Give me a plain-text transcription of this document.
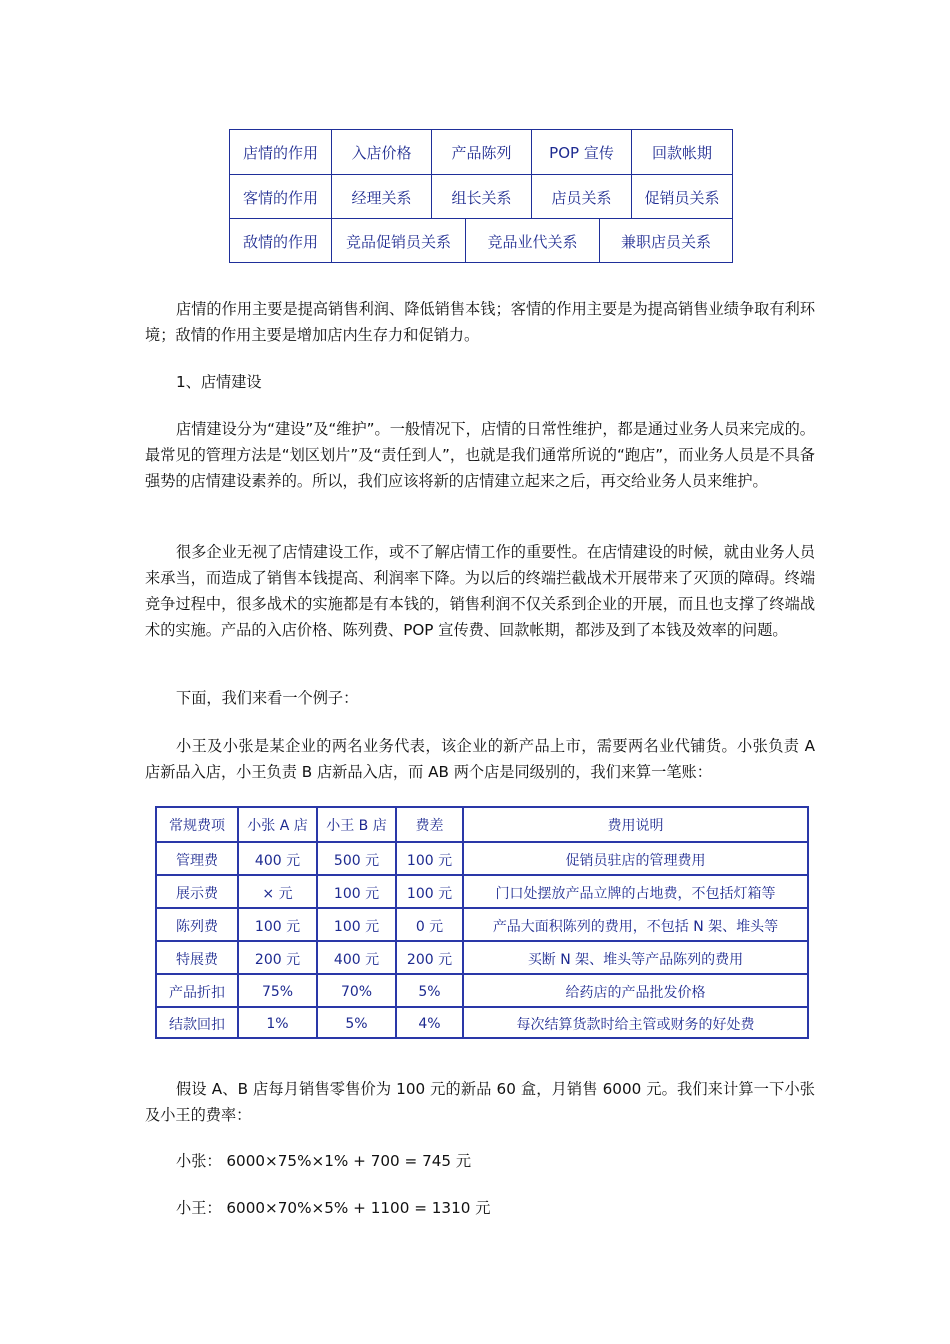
店情的作用	入店价格	产品陈列	POP 宣传	回款帐期
客情的作用	经理关系	组长关系	店员关系	促销员关系
敌情的作用	竞品促销员关系	竞品业代关系	兼职店员关系

店情的作用主要是提高销售利润、降低销售本钱；客情的作用主要是为提高销售业绩争取有利环境；敌情的作用主要是增加店内生存力和促销力。

1、店情建设

店情建设分为“建设”及“维护”。一般情况下，店情的日常性维护，都是通过业务人员来完成的。最常见的管理方法是“划区划片”及“责任到人”，也就是我们通常所说的“跑店”，而业务人员是不具备强势的店情建设素养的。所以，我们应该将新的店情建立起来之后，再交给业务人员来维护。

很多企业无视了店情建设工作，或不了解店情工作的重要性。在店情建设的时候，就由业务人员来承当，而造成了销售本钱提高、利润率下降。为以后的终端拦截战术开展带来了灭顶的障碍。终端竞争过程中，很多战术的实施都是有本钱的，销售利润不仅关系到企业的开展，而且也支撑了终端战术的实施。产品的入店价格、陈列费、POP 宣传费、回款帐期，都涉及到了本钱及效率的问题。

下面，我们来看一个例子：

小王及小张是某企业的两名业务代表，该企业的新产品上市，需要两名业代铺货。小张负责 A 店新品入店，小王负责 B 店新品入店，而 AB 两个店是同级别的，我们来算一笔账：

常规费项	小张 A 店	小王 B 店	费差	费用说明
管理费	400 元	500 元	100 元	促销员驻店的管理费用
展示费	× 元	100 元	100 元	门口处摆放产品立牌的占地费，不包括灯箱等
陈列费	100 元	100 元	0 元	产品大面积陈列的费用，不包括 N 架、堆头等
特展费	200 元	400 元	200 元	买断 N 架、堆头等产品陈列的费用
产品折扣	75%	70%	5%	给药店的产品批发价格
结款回扣	1%	5%	4%	每次结算货款时给主管或财务的好处费

假设 A、B 店每月销售零售价为 100 元的新品 60 盒，月销售 6000 元。我们来计算一下小张及小王的费率：

小张： 6000×75%×1% + 700 = 745 元

小王： 6000×70%×5% + 1100 = 1310 元
